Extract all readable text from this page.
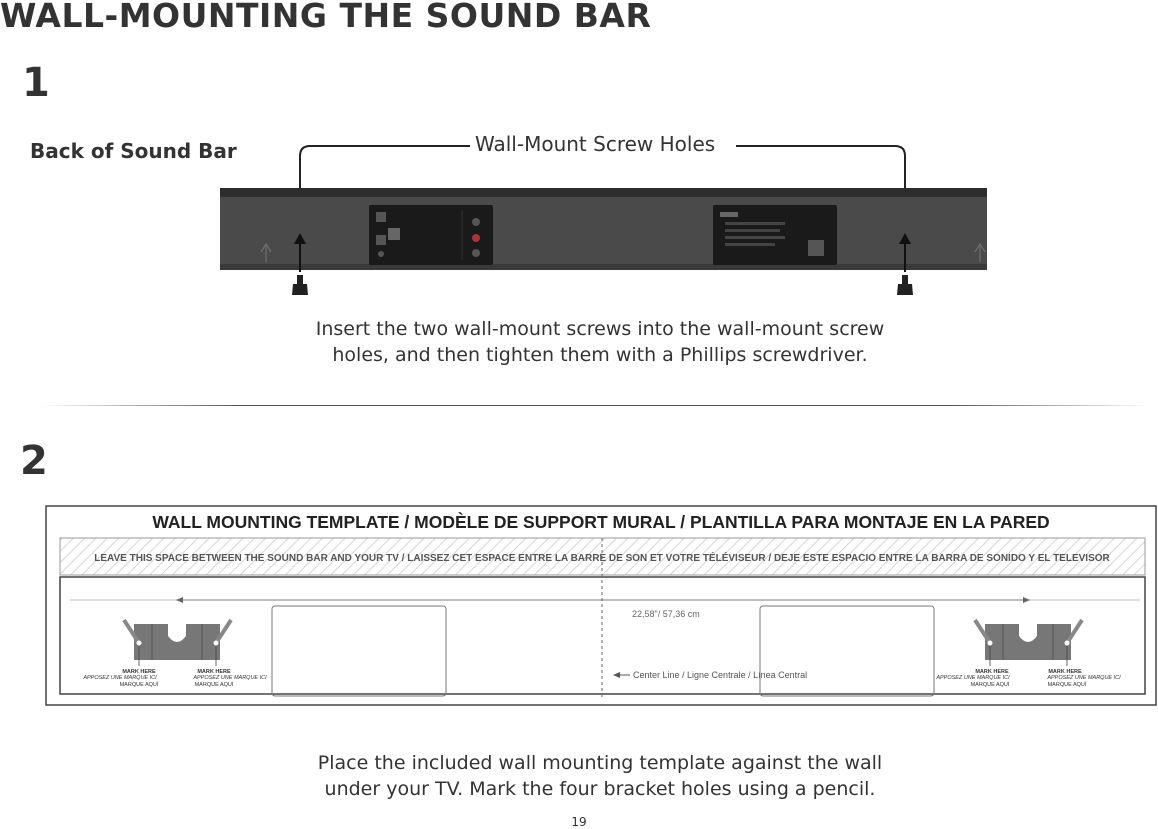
WALL-MOUNTING THE SOUND BAR
1
Back of Sound Bar	Wall-Mount Screw Holes
Insert the two wall-mount screws into the wall-mount screw
holes, and then tighten them with a Phillips screwdriver.
2
WALL MOUNTING TEMPLATE / MODÈLE DE SUPPORT MURAL / PLANTILLA PARA MONTAJE EN LA PARED
LEAVE THIS SPACE BETWEEN THE SOUND BAR AND YOUR TV / LAISSEZ CET ESPACE ENTRE LA BARRE DE SON ET VOTRE TÉLÉVISEUR / DEJE ESTE ESPACIO ENTRE LA BARRA DE SONIDO Y EL TELEVISOR
22,58"/ 57,36 cm
Center Line / Ligne Centrale / Línea Central
MARK HERE
APPOSEZ UNE MARQUE ICI
MARQUE AQUÍ
MARK HERE
APPOSEZ UNE MARQUE ICI
MARQUE AQUÍ
MARK HERE
APPOSEZ UNE MARQUE ICI
MARQUE AQUÍ
MARK HERE
APPOSEZ UNE MARQUE ICI
MARQUE AQUÍ
Place the included wall mounting template against the wall
under your TV. Mark the four bracket holes using a pencil.
19
